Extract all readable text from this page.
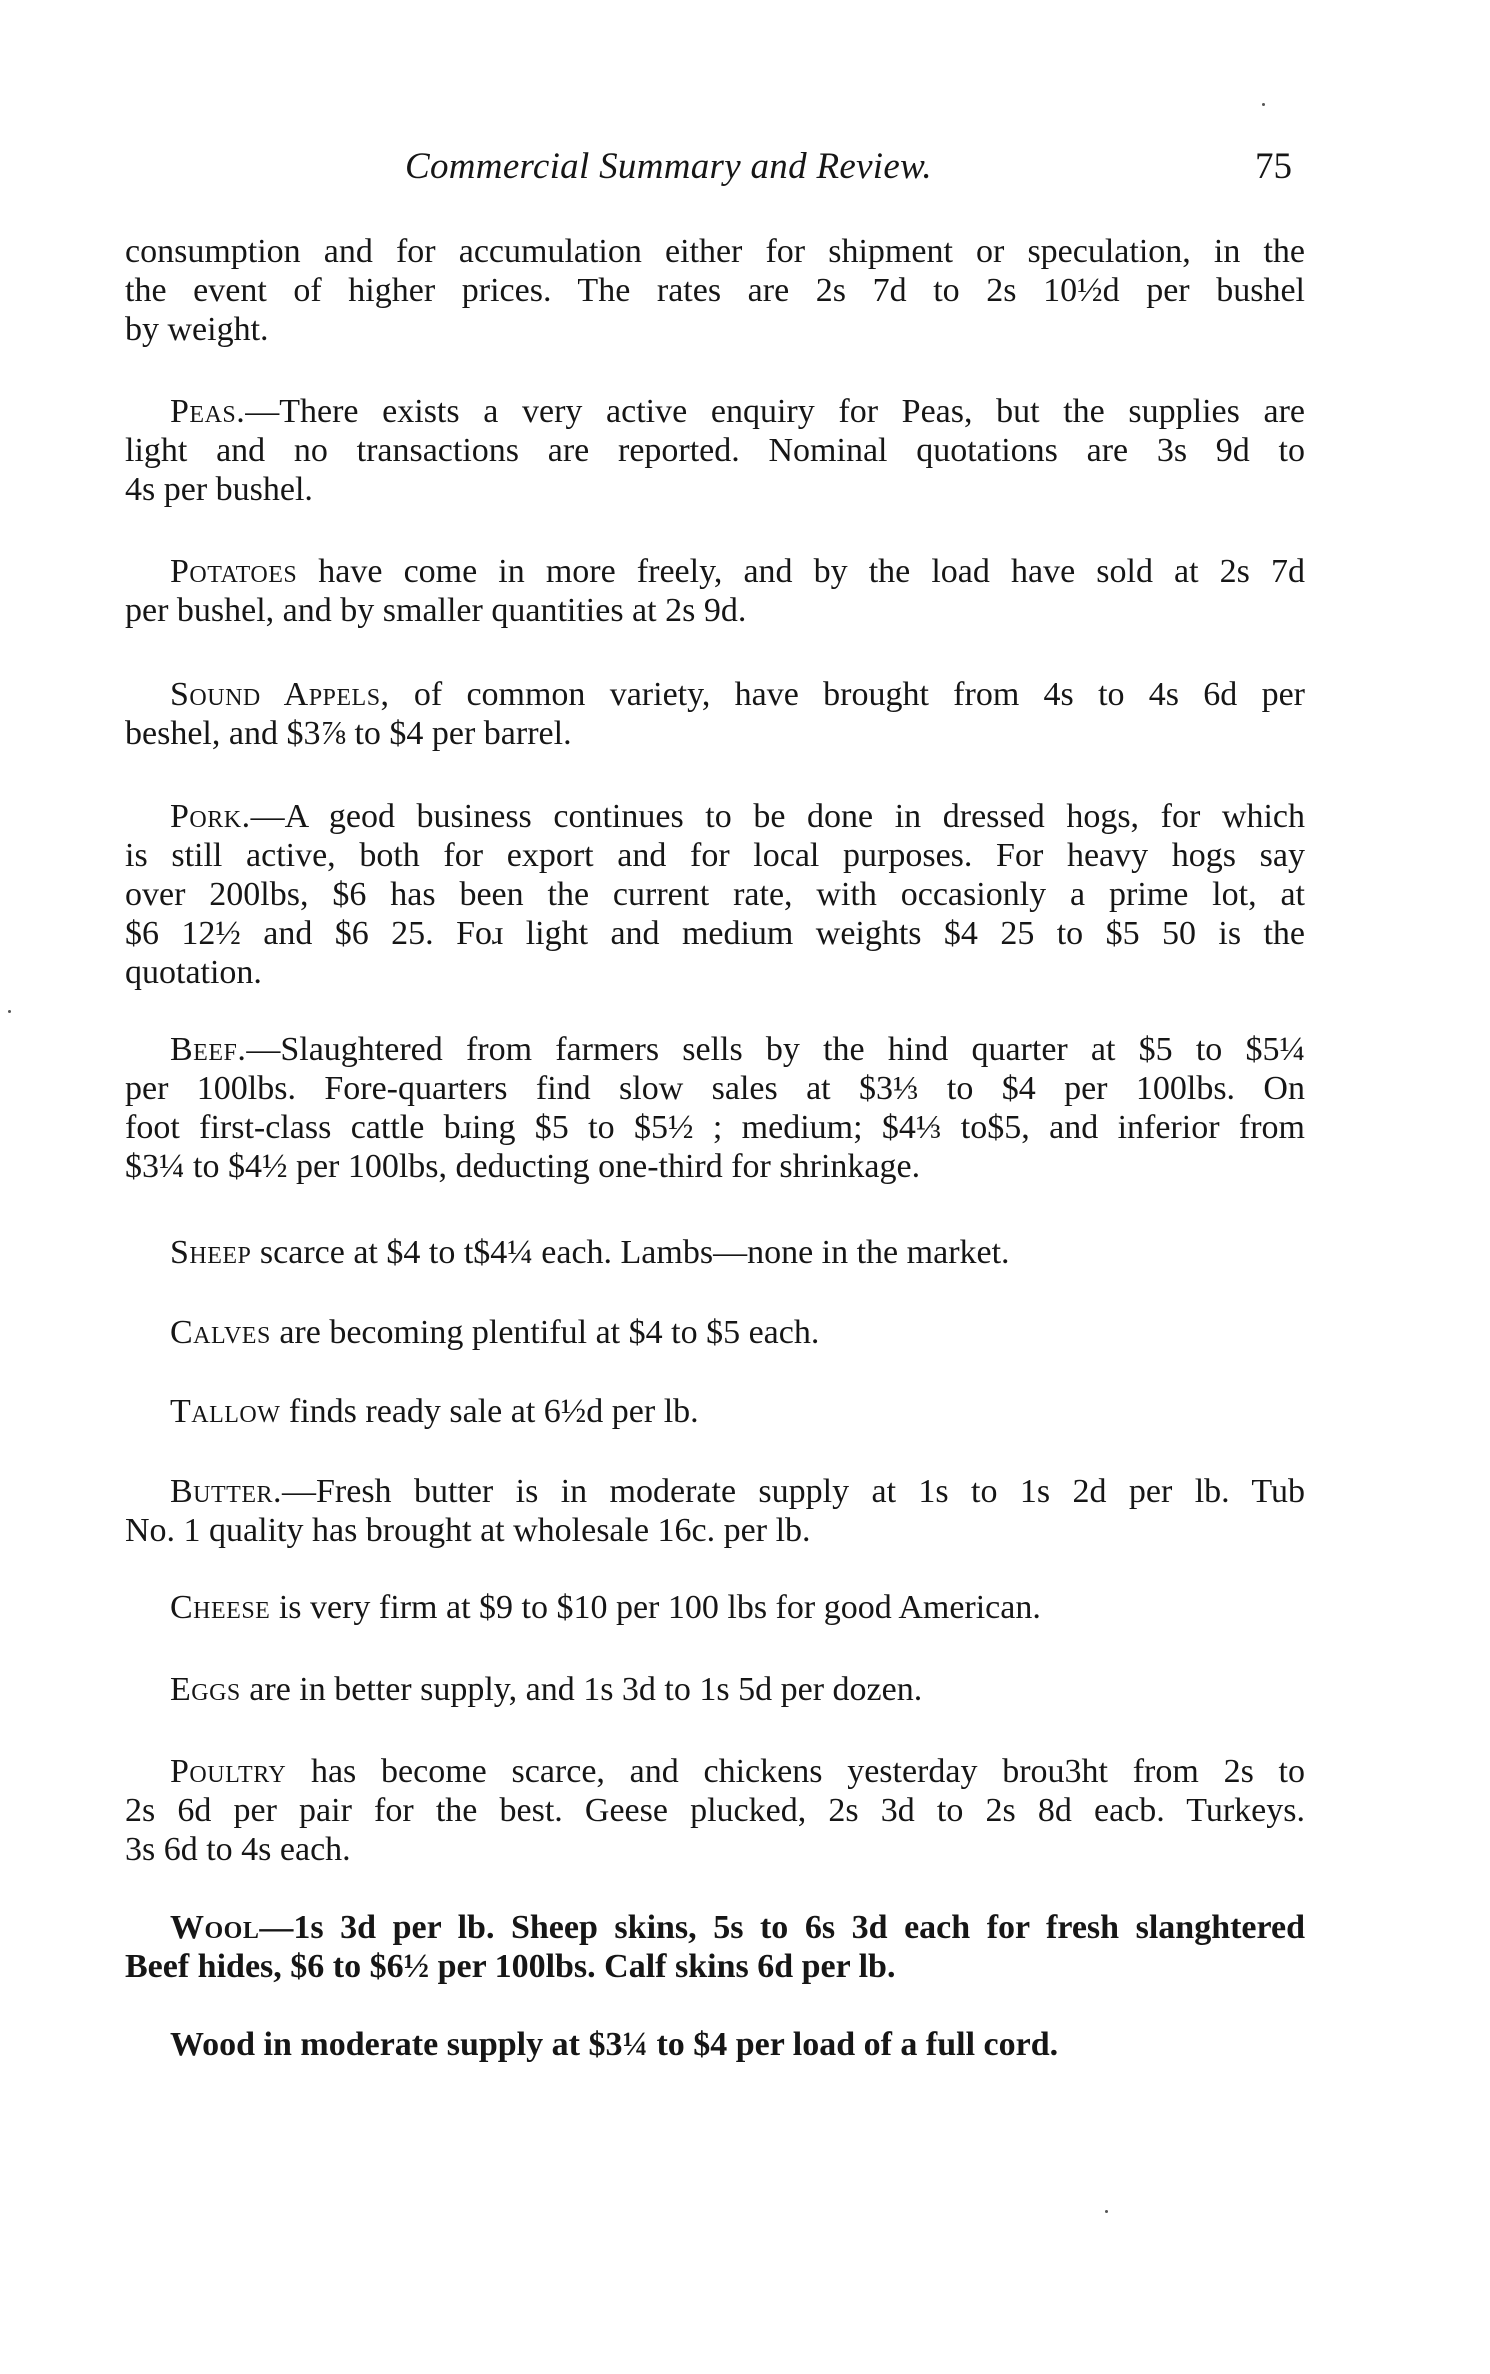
Commercial Summary and Review.	75
consumption and for accumulation either for shipment or speculation, in the
the event of higher prices. The rates are 2s 7d to 2s 10½d per bushel
by weight.
Peas.—There exists a very active enquiry for Peas, but the supplies are
light and no transactions are reported. Nominal quotations are 3s 9d to
4s per bushel.
Potatoes have come in more freely, and by the load have sold at 2s 7d
per bushel, and by smaller quantities at 2s 9d.
Sound Appels, of common variety, have brought from 4s to 4s 6d per
beshel, and $3⅞ to $4 per barrel.
Pork.—A geod business continues to be done in dressed hogs, for which
is still active, both for export and for local purposes. For heavy hogs say
over 200lbs, $6 has been the current rate, with occasionly a prime lot, at
$6 12½ and $6 25. Foɹ light and medium weights $4 25 to $5 50 is the
quotation.
Beef.—Slaughtered from farmers sells by the hind quarter at $5 to $5¼
per 100lbs. Fore-quarters find slow sales at $3⅓ to $4 per 100lbs. On
foot first-class cattle bɹing $5 to $5½ ; medium; $4⅓ to$5, and inferior from
$3¼ to $4½ per 100lbs, deducting one-third for shrinkage.
Sheep scarce at $4 to t$4¼ each. Lambs—none in the market.
Calves are becoming plentiful at $4 to $5 each.
Tallow finds ready sale at 6½d per lb.
Butter.—Fresh butter is in moderate supply at 1s to 1s 2d per lb. Tub
No. 1 quality has brought at wholesale 16c. per lb.
Cheese is very firm at $9 to $10 per 100 lbs for good American.
Eggs are in better supply, and 1s 3d to 1s 5d per dozen.
Poultry has become scarce, and chickens yesterday brou3ht from 2s to
2s 6d per pair for the best. Geese plucked, 2s 3d to 2s 8d eacb. Turkeys.
3s 6d to 4s each.
Wool—1s 3d per lb. Sheep skins, 5s to 6s 3d each for fresh slanghtered
Beef hides, $6 to $6½ per 100lbs. Calf skins 6d per lb.
Wood in moderate supply at $3¼ to $4 per load of a full cord.
